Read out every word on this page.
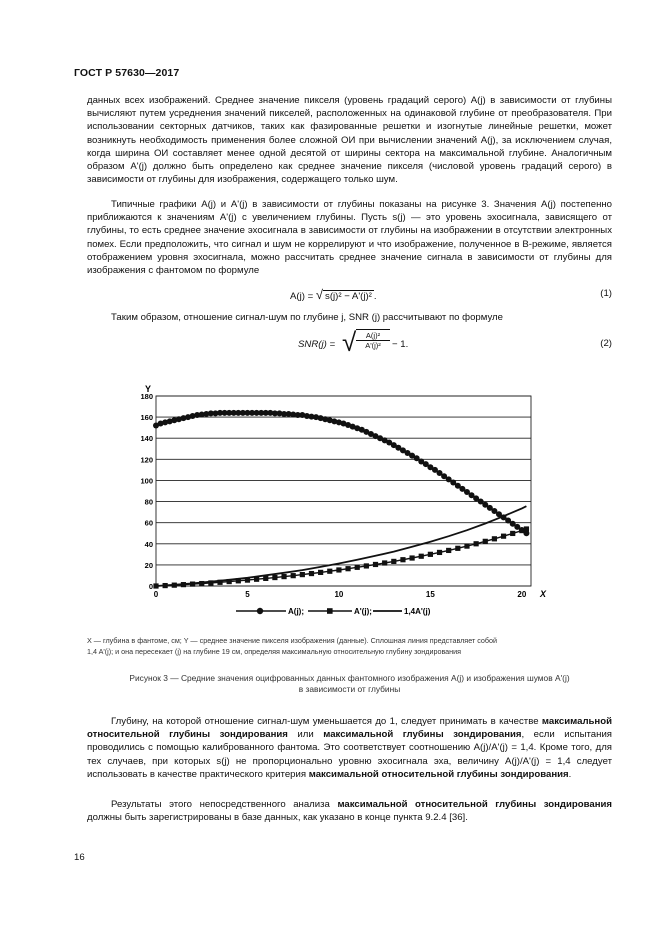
ГОСТ Р 57630—2017

данных всех изображений. Среднее значение пикселя (уровень градаций серого) A(j) в зависимости от глубины вычисляют путем усреднения значений пикселей, расположенных на одинаковой глубине от преобразователя. При использовании секторных датчиков, таких как фазированные решетки и изогнутые линейные решетки, может возникнуть необходимость применения более сложной ОИ при вычислении значений A(j), за исключением случая, когда ширина ОИ составляет менее одной десятой от ширины сектора на максимальной глубине. Аналогичным образом A'(j) должно быть определено как среднее значение пикселя (числовой уровень градаций серого) в зависимости от глубины для изображения, содержащего только шум.

Типичные графики A(j) и A'(j) в зависимости от глубины показаны на рисунке 3. Значения A(j) постепенно приближаются к значениям A'(j) с увеличением глубины. Пусть s(j) — это уровень эхосигнала, зависящего от глубины, то есть среднее значение эхосигнала в зависимости от глубины на изображении в отсутствии электронных помех. Если предположить, что сигнал и шум не коррелируют и что изображение, полученное в B-режиме, является отображением уровня эхосигнала, можно рассчитать среднее значение сигнала в зависимости от глубины для изображения с фантомом по формуле

A(j) = √ s(j)² − A'(j)² .	(1)

Таким образом, отношение сигнал-шум по глубине j, SNR (j) рассчитывают по формуле

SNR(j) = √ $\frac{\text{A(j)²}}{\text{A'(j)²}} - 1$.	(2)
0
20
40
60
80
100
120
140
160
180
0	5	10	15	20
Y
X
A(j);	A'(j);	1,4A'(j)
X — глубина в фантоме, см; Y — среднее значение пикселя изображения (данные). Сплошная линия представляет собой
1,4 A'(j); и она пересекает (j) на глубине 19 см, определяя максимальную относительную глубину зондирования
Рисунок 3 — Средние значения оцифрованных данных фантомного изображения A(j) и изображения шумов A'(j)
в зависимости от глубины

Глубину, на которой отношение сигнал-шум уменьшается до 1, следует принимать в качестве максимальной относительной глубины зондирования или максимальной глубины зондирования, если испытания проводились с помощью калиброванного фантома. Это соответствует соотношению A(j)/A'(j) = 1,4. Кроме того, для тех случаев, при которых s(j) не пропорционально уровню эхосигнала эха, величину A(j)/A'(j) = 1,4 следует использовать в качестве практического критерия максимальной относительной глубины зондирования.

Результаты этого непосредственного анализа максимальной относительной глубины зондирования должны быть зарегистрированы в базе данных, как указано в конце пункта 9.2.4 [36].

16
